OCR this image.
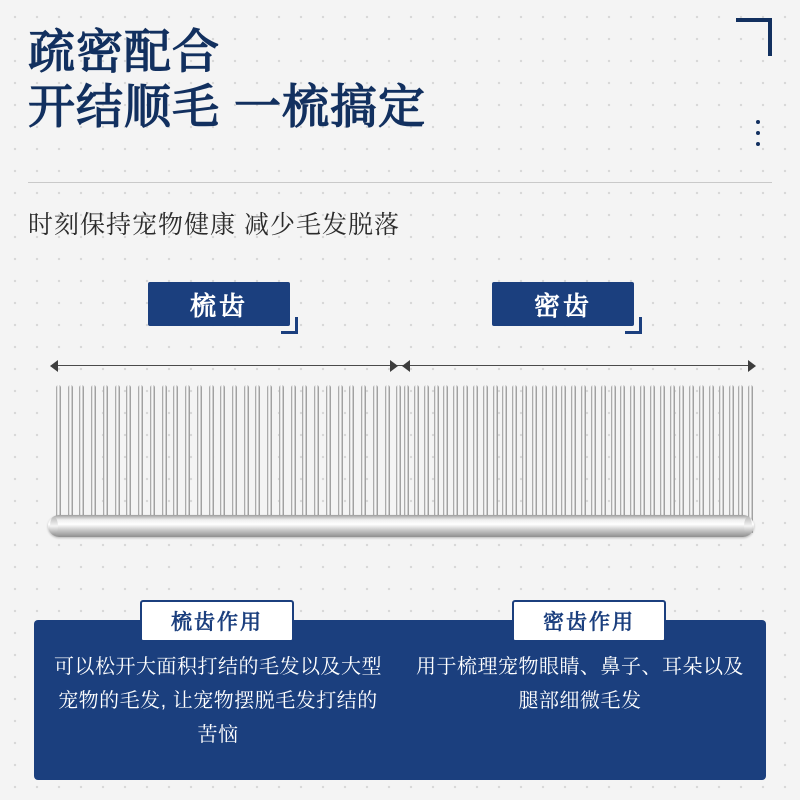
疏密配合
开结顺毛 一梳搞定
时刻保持宠物健康 减少毛发脱落
梳齿	密齿
梳齿作用	密齿作用
可以松开大面积打结的毛发以及大型宠物的毛发, 让宠物摆脱毛发打结的苦恼
用于梳理宠物眼睛、鼻子、耳朵以及腿部细微毛发
